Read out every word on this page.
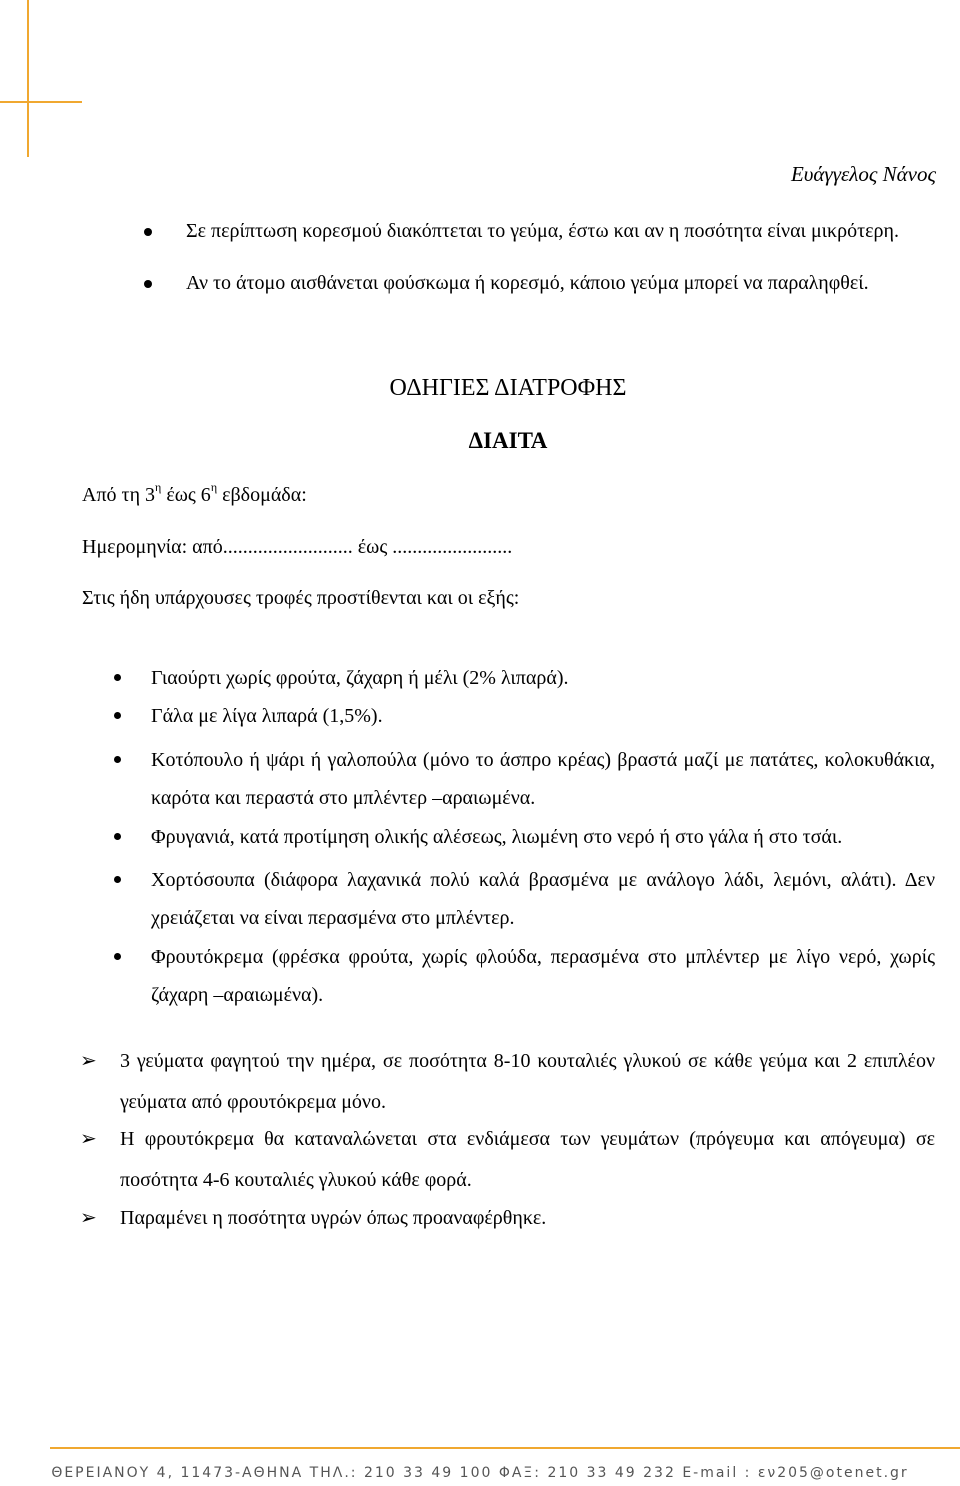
Ευάγγελος Νάνος
Σε περίπτωση κορεσμού διακόπτεται το γεύμα, έστω και αν η ποσότητα είναι μικρότερη.
Αν το άτομο αισθάνεται φούσκωμα ή κορεσμό, κάποιο γεύμα μπορεί να παραληφθεί.
ΟΔΗΓΙΕΣ ΔΙΑΤΡΟΦΗΣ
ΔΙΑΙΤΑ
Από τη $3^\eta$ έως $6^\eta$ εβδομάδα:
Ημερομηνία: από.......................... έως ........................
Στις ήδη υπάρχουσες τροφές προστίθενται και οι εξής:
Γιαούρτι χωρίς φρούτα, ζάχαρη ή μέλι (2% λιπαρά).
Γάλα με λίγα λιπαρά (1,5%).
Κοτόπουλο ή ψάρι ή γαλοπούλα (μόνο το άσπρο κρέας) βραστά μαζί με πατάτες, κολοκυθάκια, καρότα και περαστά στο μπλέντερ –αραιωμένα.
Φρυγανιά, κατά προτίμηση ολικής αλέσεως, λιωμένη στο νερό ή στο γάλα ή στο τσάι.
Χορτόσουπα (διάφορα λαχανικά πολύ καλά βρασμένα με ανάλογο λάδι, λεμόνι, αλάτι). Δεν χρειάζεται να είναι περασμένα στο μπλέντερ.
Φρουτόκρεμα (φρέσκα φρούτα, χωρίς φλούδα, περασμένα στο μπλέντερ με λίγο νερό, χωρίς ζάχαρη –αραιωμένα).
➢ 3 γεύματα φαγητού την ημέρα, σε ποσότητα 8-10 κουταλιές γλυκού σε κάθε γεύμα και 2 επιπλέον γεύματα από φρουτόκρεμα μόνο.
➢ Η φρουτόκρεμα θα καταναλώνεται στα ενδιάμεσα των γευμάτων (πρόγευμα και απόγευμα) σε ποσότητα 4-6 κουταλιές γλυκού κάθε φορά.
➢ Παραμένει η ποσότητα υγρών όπως προαναφέρθηκε.
ΘΕΡΕΙΑΝΟΥ 4, 11473-ΑΘΗΝΑ ΤΗΛ.: 210 33 49 100 ΦΑΞ: 210 33 49 232 E-mail : εν205@otenet.gr
